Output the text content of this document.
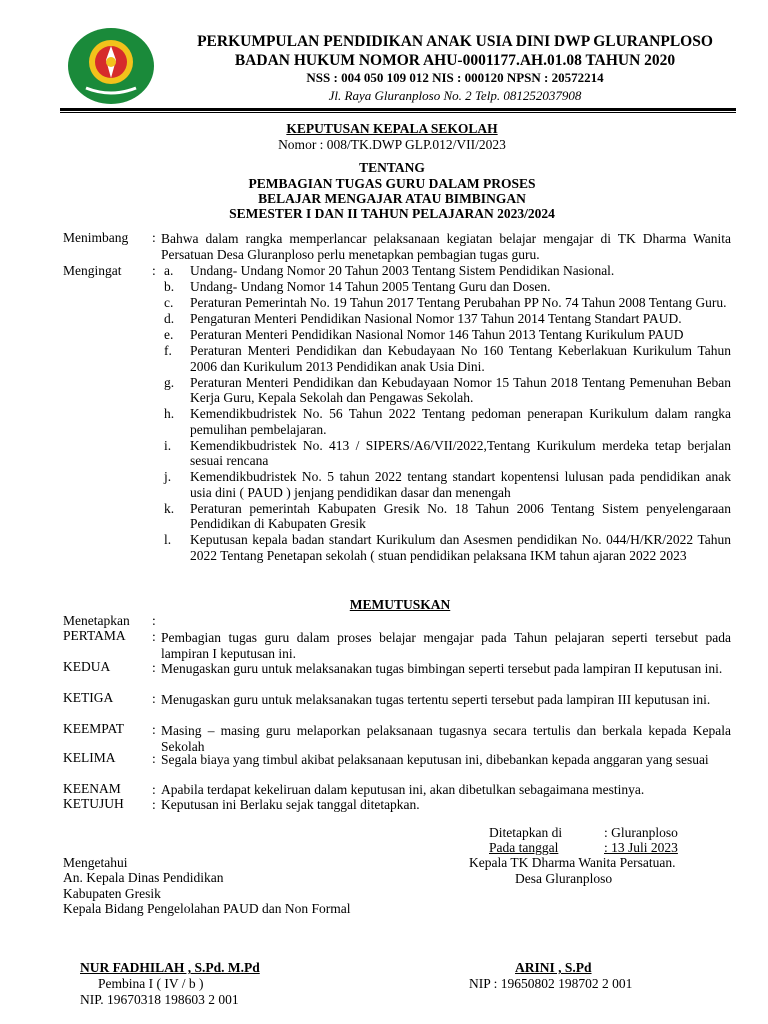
PERKUMPULAN PENDIDIKAN ANAK USIA DINI DWP GLURANPLOSO
BADAN HUKUM NOMOR AHU-0001177.AH.01.08 TAHUN 2020
NSS : 004 050 109 012 NIS : 000120 NPSN : 20572214
Jl. Raya Gluranploso No. 2 Telp. 081252037908
KEPUTUSAN KEPALA SEKOLAH
Nomor : 008/TK.DWP GLP.012/VII/2023
TENTANG
PEMBAGIAN TUGAS GURU DALAM PROSES
BELAJAR MENGAJAR ATAU BIMBINGAN
SEMESTER I DAN II TAHUN PELAJARAN 2023/2024
Menimbang : Bahwa dalam rangka memperlancar pelaksanaan kegiatan belajar mengajar di TK Dharma Wanita Persatuan Desa Gluranploso perlu menetapkan pembagian tugas guru.
Mengingat : a.	Undang- Undang Nomor 20 Tahun 2003 Tentang Sistem Pendidikan Nasional.
b.	Undang- Undang Nomor 14 Tahun 2005 Tentang Guru dan Dosen.
c.	Peraturan Pemerintah No. 19 Tahun 2017 Tentang Perubahan PP No. 74 Tahun 2008 Tentang Guru.
d.	Pengaturan Menteri Pendidikan Nasional Nomor 137 Tahun 2014 Tentang Standart PAUD.
e.	Peraturan Menteri Pendidikan Nasional Nomor 146 Tahun 2013 Tentang Kurikulum PAUD
f.	Peraturan Menteri Pendidikan dan Kebudayaan No 160 Tentang Keberlakuan Kurikulum Tahun 2006 dan Kurikulum 2013 Pendidikan anak Usia Dini.
g.	Peraturan Menteri Pendidikan dan Kebudayaan Nomor 15 Tahun 2018 Tentang Pemenuhan Beban Kerja Guru, Kepala Sekolah dan Pengawas Sekolah.
h.	Kemendikbudristek No. 56 Tahun 2022 Tentang pedoman penerapan Kurikulum dalam rangka pemulihan pembelajaran.
i.	Kemendikbudristek No. 413 / SIPERS/A6/VII/2022,Tentang Kurikulum merdeka tetap berjalan sesuai rencana
j.	Kemendikbudristek No. 5 tahun 2022 tentang standart kopentensi lulusan pada pendidikan anak usia dini ( PAUD ) jenjang pendidikan dasar dan menengah
k.	Peraturan pemerintah Kabupaten Gresik No. 18 Tahun 2006 Tentang Sistem penyelengaraan Pendidikan di Kabupaten Gresik
l.	Keputusan kepala badan standart Kurikulum dan Asesmen pendidikan No. 044/H/KR/2022 Tahun 2022 Tentang Penetapan sekolah ( stuan pendidikan pelaksana IKM tahun ajaran 2022 2023
MEMUTUSKAN
Menetapkan :
PERTAMA : Pembagian tugas guru dalam proses belajar mengajar pada Tahun pelajaran seperti tersebut pada lampiran I keputusan ini.
KEDUA	: Menugaskan guru untuk melaksanakan tugas bimbingan seperti tersebut pada lampiran II keputusan ini.
KETIGA	: Menugaskan guru untuk melaksanakan tugas tertentu seperti tersebut pada lampiran III keputusan ini.
KEEMPAT : Masing – masing guru melaporkan pelaksanaan tugasnya secara tertulis dan berkala kepada Kepala Sekolah
KELIMA	: Segala biaya yang timbul akibat pelaksanaan keputusan ini, dibebankan kepada anggaran yang sesuai
KEENAM : Apabila terdapat kekeliruan dalam keputusan ini, akan dibetulkan sebagaimana mestinya.
KETUJUH : Keputusan ini Berlaku sejak tanggal ditetapkan.
Ditetapkan di	: Gluranploso
Pada tanggal	: 13 Juli 2023
Mengetahui
An. Kepala Dinas Pendidikan
Kabupaten Gresik
Kepala Bidang Pengelolahan PAUD dan Non Formal
NUR FADHILAH , S.Pd. M.Pd
Pembina I ( IV / b )
NIP. 19670318 198603 2 001
Kepala TK Dharma Wanita Persatuan.
Desa Gluranploso
ARINI , S.Pd
NIP : 19650802 198702 2 001
